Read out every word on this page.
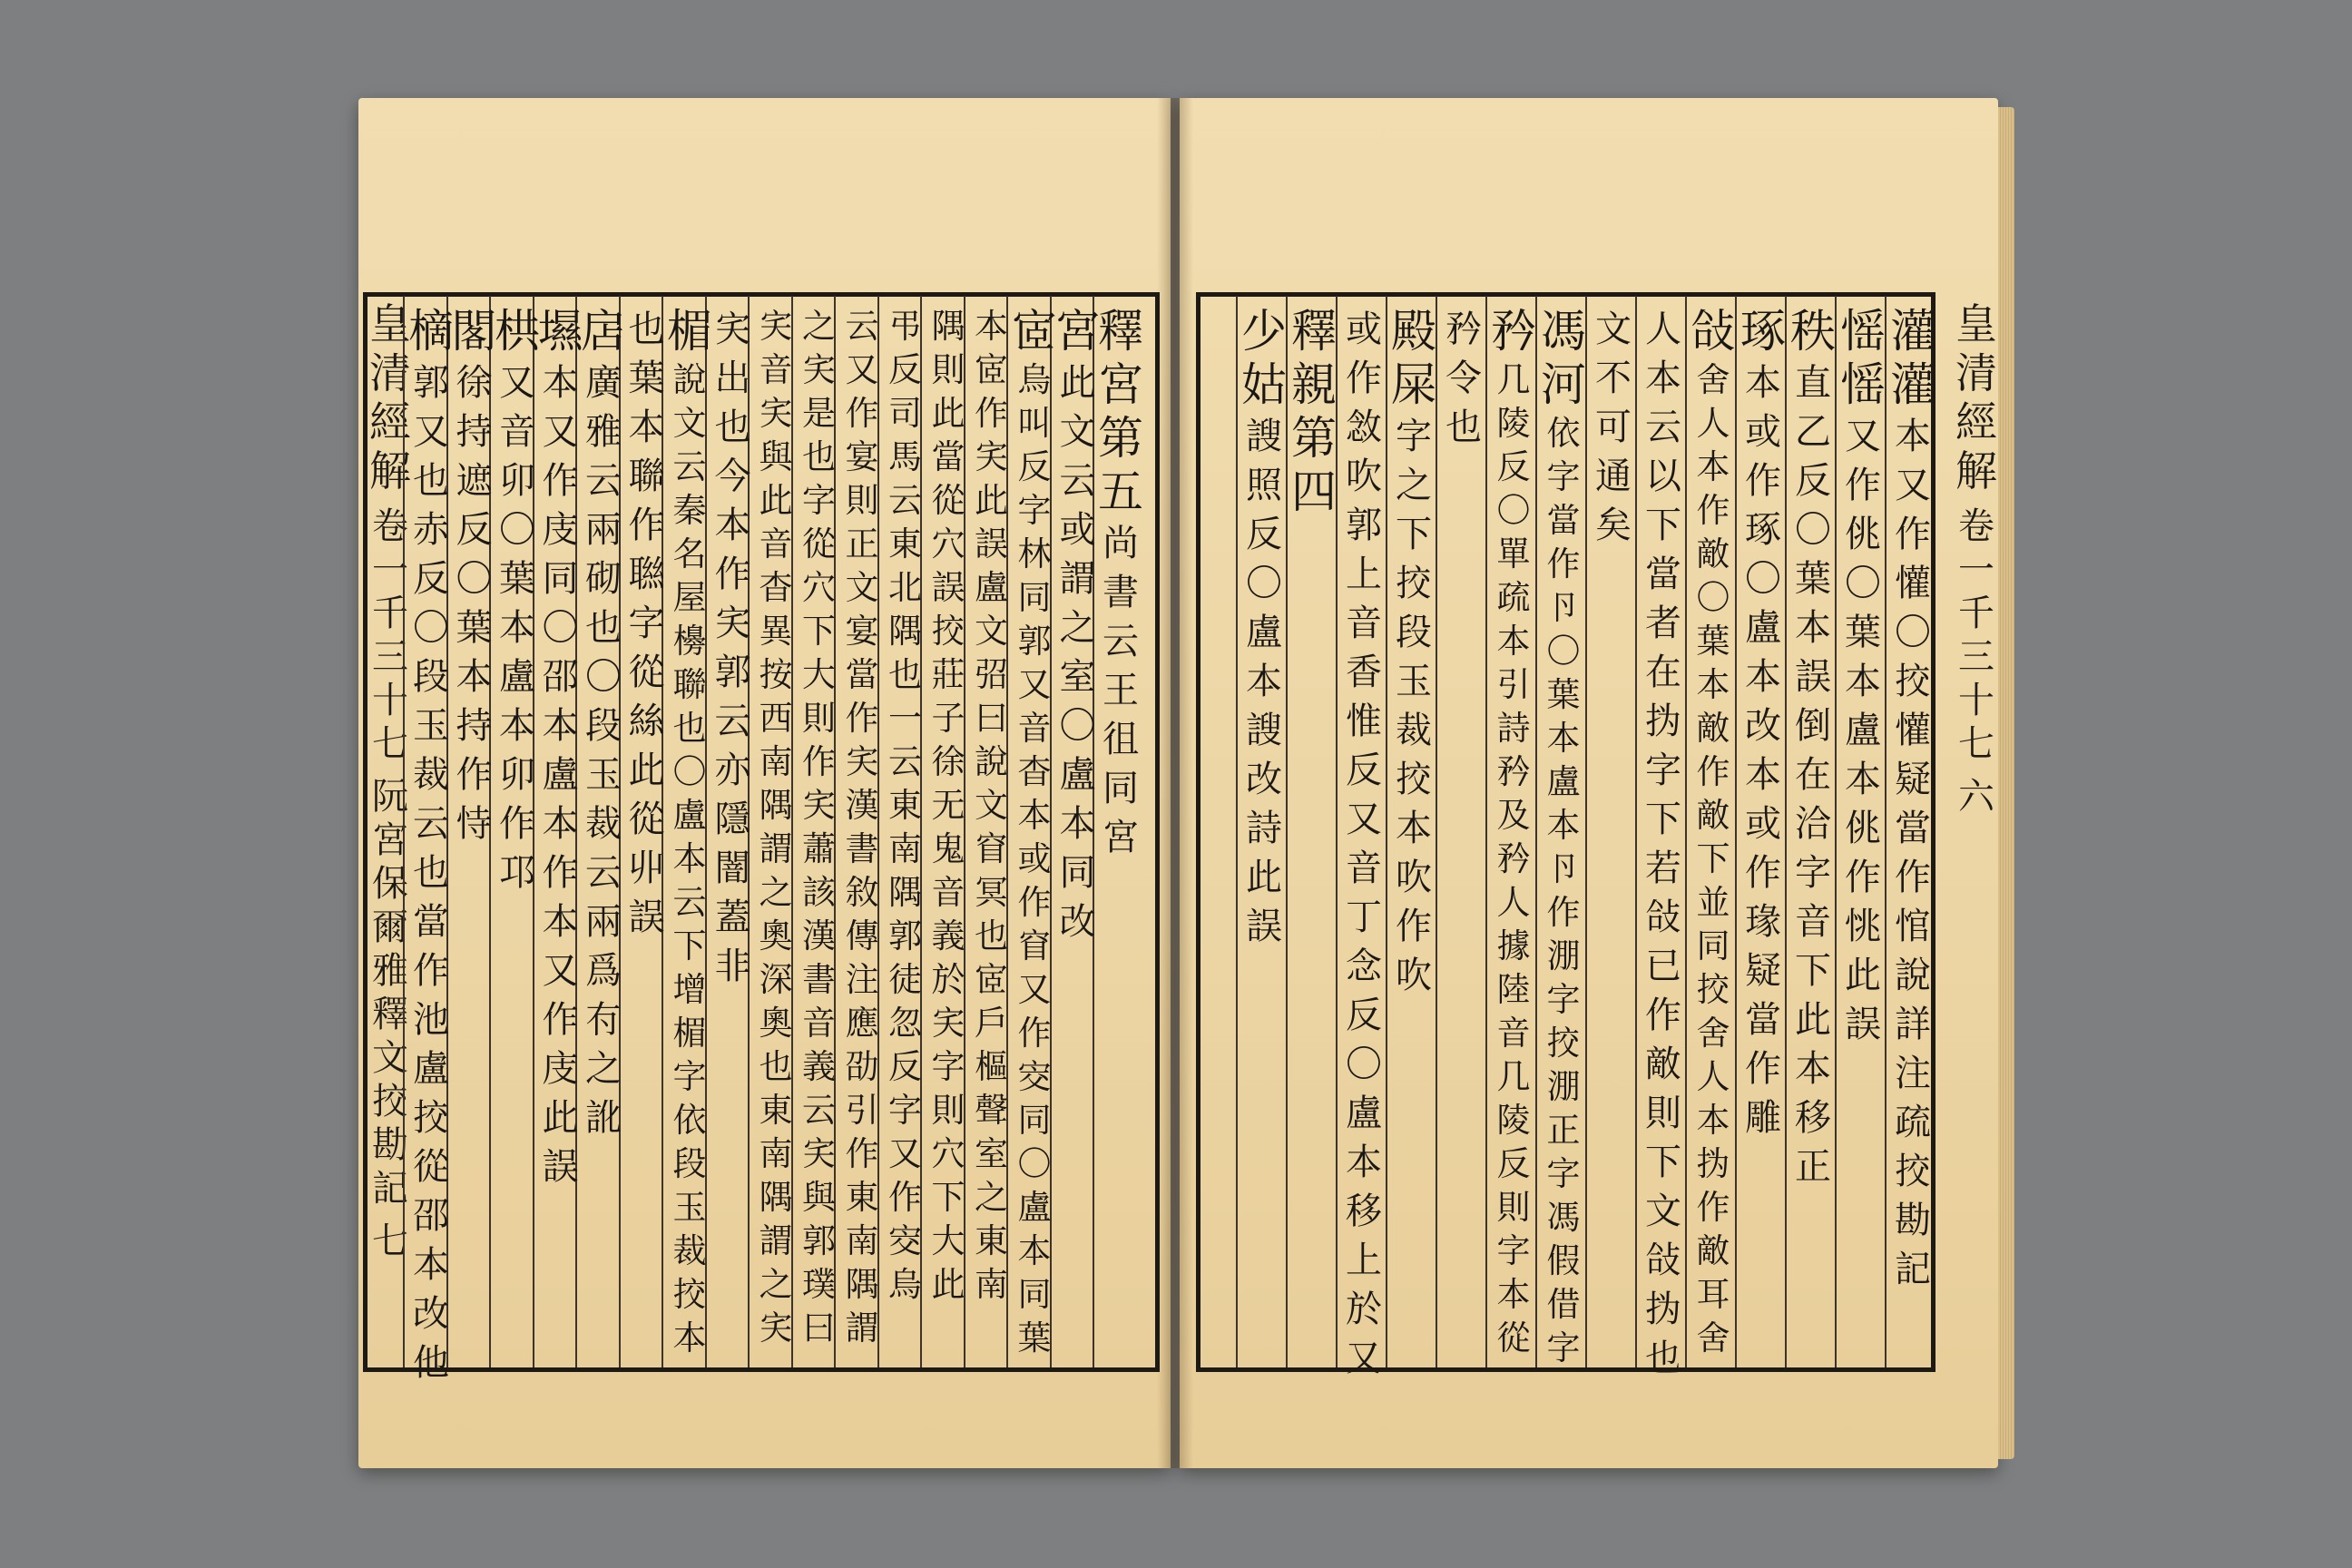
皇
清
經
解
卷
一
千
三
十
七
阮
宮
保
爾
雅
釋
文
挍
勘
記
七
皇
清
經
解
卷
一
千
三
十
七
六
釋
宮
第
五
尚
書
云
王
徂
同
宮
宮
此
文
云
或
謂
之
室
〇
盧
本
同
改
宧
烏
叫
反
字
林
同
郭
又
音
杳
本
或
作
窅
又
作
㝔
同
〇
盧
本
同
葉
本
宧
作
宎
此
誤
盧
文
弨
曰
說
文
窅
冥
也
宧
戶
樞
聲
室
之
東
南
隅
則
此
當
從
穴
誤
挍
莊
子
徐
无
鬼
音
義
於
宎
字
則
穴
下
大
此
弔
反
司
馬
云
東
北
隅
也
一
云
東
南
隅
郭
徒
忽
反
字
又
作
㝔
烏
云
又
作
宴
則
正
文
宴
當
作
宎
漢
書
敘
傳
注
應
劭
引
作
東
南
隅
謂
之
宎
是
也
字
從
穴
下
大
則
作
宎
蕭
該
漢
書
音
義
云
宎
與
郭
璞
曰
宎
音
宎
與
此
音
杳
異
按
西
南
隅
謂
之
奧
深
奧
也
東
南
隅
謂
之
宎
宎
出
也
今
本
作
宎
郭
云
亦
隱
闇
蓋
非
楣
說
文
云
秦
名
屋
櫋
聯
也
〇
盧
本
云
下
增
楣
字
依
段
玉
裁
挍
本
也
葉
本
聯
作
聮
字
從
絲
此
從
丱
誤
扂
廣
雅
云
兩
砌
也
〇
段
玉
裁
云
兩
爲
𠕇
之
訛
㙷
本
又
作
庋
同
〇
邵
本
盧
本
作
本
又
作
庋
此
誤
栱
又
音
卯
〇
葉
本
盧
本
卯
作
邛
閣
徐
持
遮
反
〇
葉
本
持
作
恃
樀
郭
又
也
赤
反
〇
段
玉
裁
云
也
當
作
池
盧
挍
從
邵
本
改
他
灌
灌
本
又
作
懽
〇
挍
懽
疑
當
作
悺
說
詳
注
疏
挍
勘
記
愮
愮
又
作
佻
〇
葉
本
盧
本
佻
作
恌
此
誤
秩
直
乙
反
〇
葉
本
誤
倒
在
洽
字
音
下
此
本
移
正
琢
本
或
作
琢
〇
盧
本
改
本
或
作
瑑
疑
當
作
雕
敆
舍
人
本
作
敵
〇
葉
本
敵
作
敵
下
並
同
挍
舍
人
本
㧑
作
敵
耳
舍
人
本
云
以
下
當
者
在
㧑
字
下
若
敆
已
作
敵
則
下
文
敆
㧑
也
文
不
可
通
矣
馮
河
依
字
當
作
卪
〇
葉
本
盧
本
卪
作
淜
字
挍
淜
正
字
馮
假
借
字
矜
几
陵
反
〇
單
疏
本
引
詩
矜
及
矜
人
據
陸
音
几
陵
反
則
字
本
從
矜
令
也
殿
屎
字
之
下
挍
段
玉
裁
挍
本
吹
作
吹
或
作
敜
吹
郭
上
音
香
惟
反
又
音
丁
念
反
〇
盧
本
移
上
於
又
釋
親
第
四
少
姑
謏
照
反
〇
盧
本
謏
改
詩
此
誤
